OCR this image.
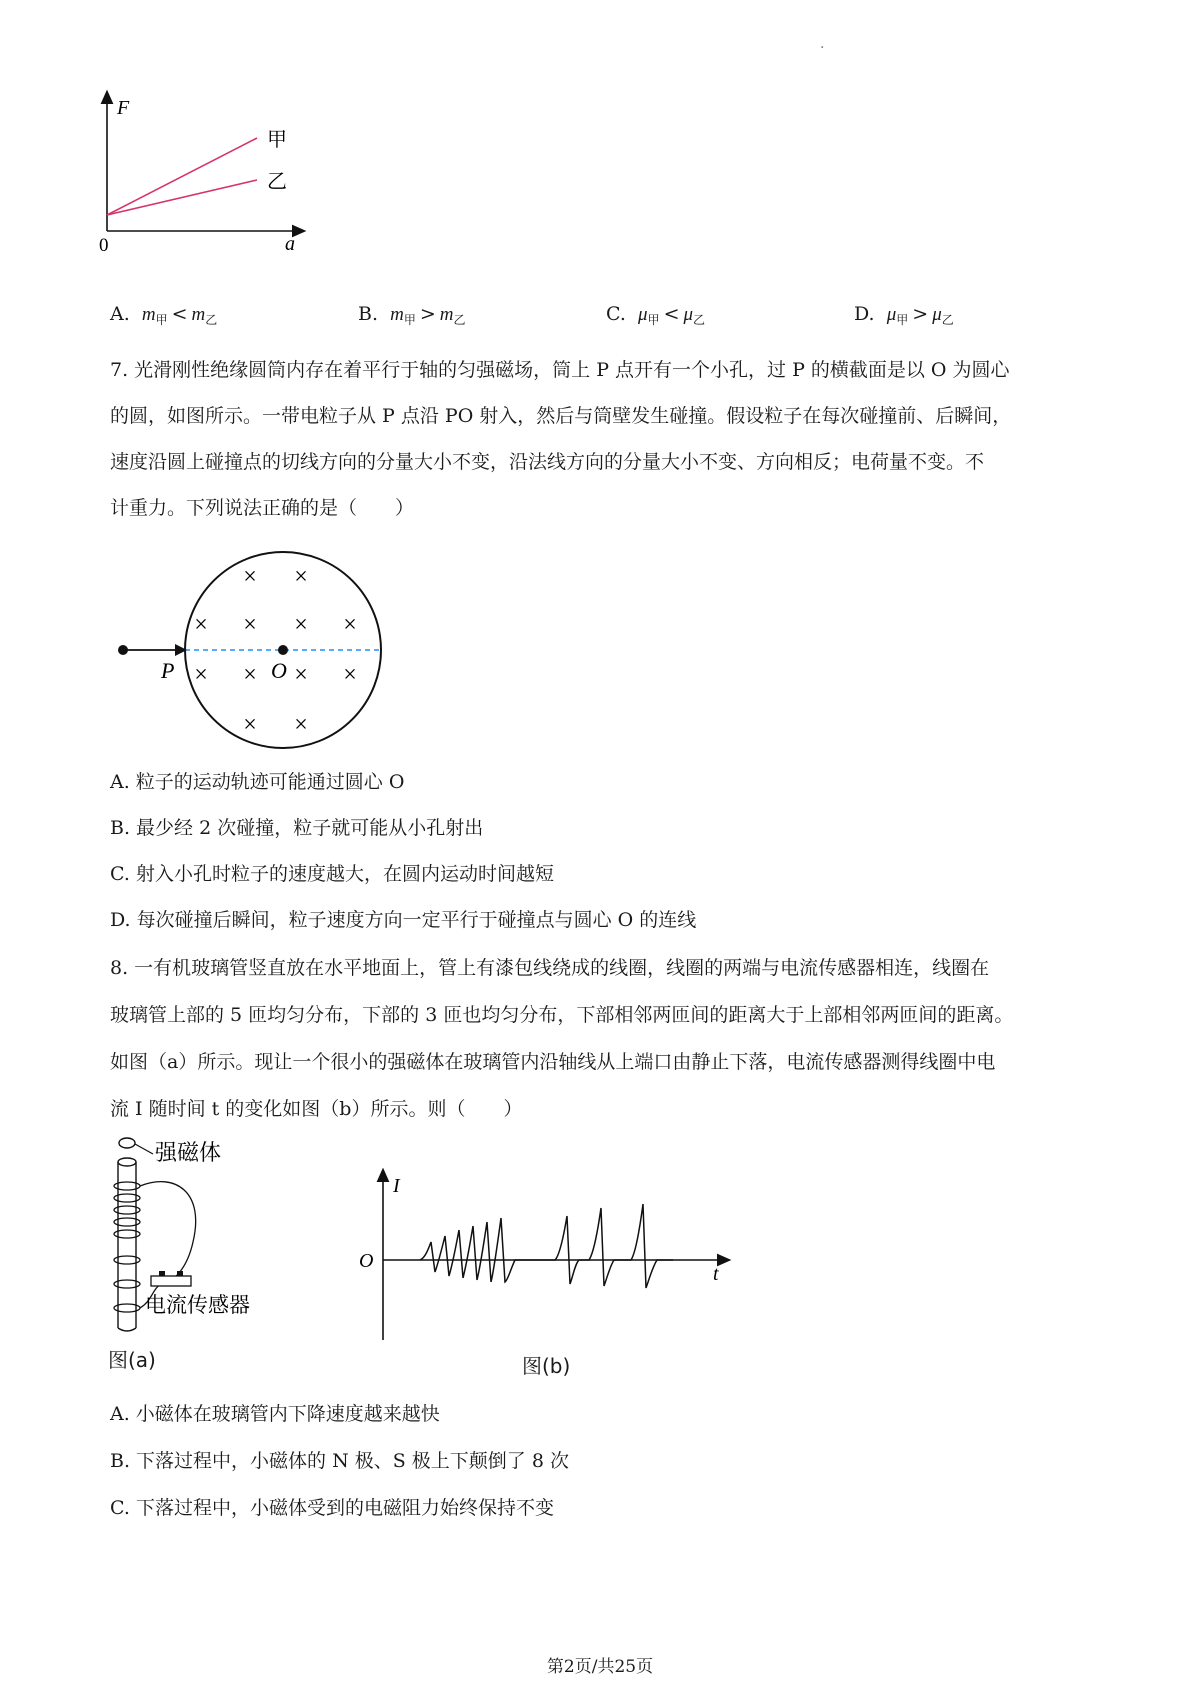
·
F
a
0
甲
乙
A. $m_甲 < m_乙$	B. $m_甲 > m_乙$	C. $\mu_甲 < \mu_乙$	D. $\mu_甲 > \mu_乙$
7. 光滑刚性绝缘圆筒内存在着平行于轴的匀强磁场，筒上 P 点开有一个小孔，过 P 的横截面是以 O 为圆心
的圆，如图所示。一带电粒子从 P 点沿 PO 射入，然后与筒壁发生碰撞。假设粒子在每次碰撞前、后瞬间，
速度沿圆上碰撞点的切线方向的分量大小不变，沿法线方向的分量大小不变、方向相反；电荷量不变。不
计重力。下列说法正确的是（　　）
P	O
× ×
× × × ×
× × × ×
× ×
A. 粒子的运动轨迹可能通过圆心 O
B. 最少经 2 次碰撞，粒子就可能从小孔射出
C. 射入小孔时粒子的速度越大，在圆内运动时间越短
D. 每次碰撞后瞬间，粒子速度方向一定平行于碰撞点与圆心 O 的连线
8. 一有机玻璃管竖直放在水平地面上，管上有漆包线绕成的线圈，线圈的两端与电流传感器相连，线圈在
玻璃管上部的 5 匝均匀分布，下部的 3 匝也均匀分布，下部相邻两匝间的距离大于上部相邻两匝间的距离。
如图（a）所示。现让一个很小的强磁体在玻璃管内沿轴线从上端口由静止下落，电流传感器测得线圈中电
流 I 随时间 t 的变化如图（b）所示。则（　　）
强磁体
电流传感器
图(a)
I
t
O
图(b)
A. 小磁体在玻璃管内下降速度越来越快
B. 下落过程中，小磁体的 N 极、S 极上下颠倒了 8 次
C. 下落过程中，小磁体受到的电磁阻力始终保持不变
第2页/共25页
